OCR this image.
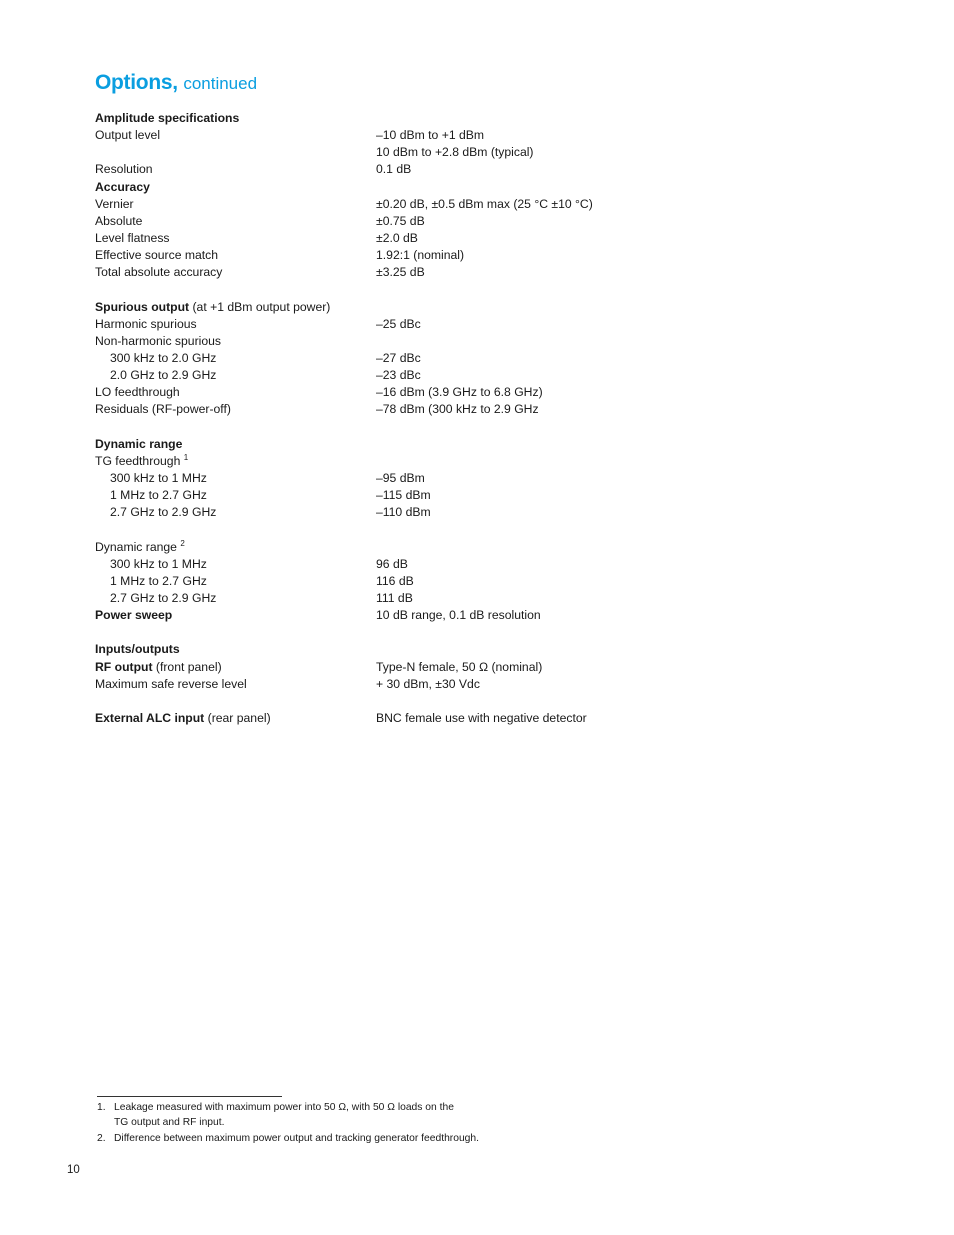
Options, continued
Amplitude specifications
Output level	–10 dBm to +1 dBm
10 dBm to +2.8 dBm (typical)
Resolution	0.1 dB
Accuracy
Vernier	±0.20 dB, ±0.5 dBm max (25 °C ±10 °C)
Absolute	±0.75 dB
Level flatness	±2.0 dB
Effective source match	1.92:1 (nominal)
Total absolute accuracy	±3.25 dB
Spurious output (at +1 dBm output power)
Harmonic spurious	–25 dBc
Non-harmonic spurious
300 kHz to 2.0 GHz	–27 dBc
2.0 GHz to 2.9 GHz	–23 dBc
LO feedthrough	–16 dBm (3.9 GHz to 6.8 GHz)
Residuals (RF-power-off)	–78 dBm (300 kHz to 2.9 GHz
Dynamic range
TG feedthrough $^1$
300 kHz to 1 MHz	–95 dBm
1 MHz to 2.7 GHz	–115 dBm
2.7 GHz to 2.9 GHz	–110 dBm
Dynamic range $^2$
300 kHz to 1 MHz	96 dB
1 MHz to 2.7 GHz	116 dB
2.7 GHz to 2.9 GHz	111 dB
Power sweep	10 dB range, 0.1 dB resolution
Inputs/outputs
RF output (front panel)	Type-N female, 50 Ω (nominal)
Maximum safe reverse level	+ 30 dBm, ±30 Vdc
External ALC input (rear panel)	BNC female use with negative detector
1. Leakage measured with maximum power into 50 Ω, with 50 Ω loads on the
TG output and RF input.
2. Difference between maximum power output and tracking generator feedthrough.
10
